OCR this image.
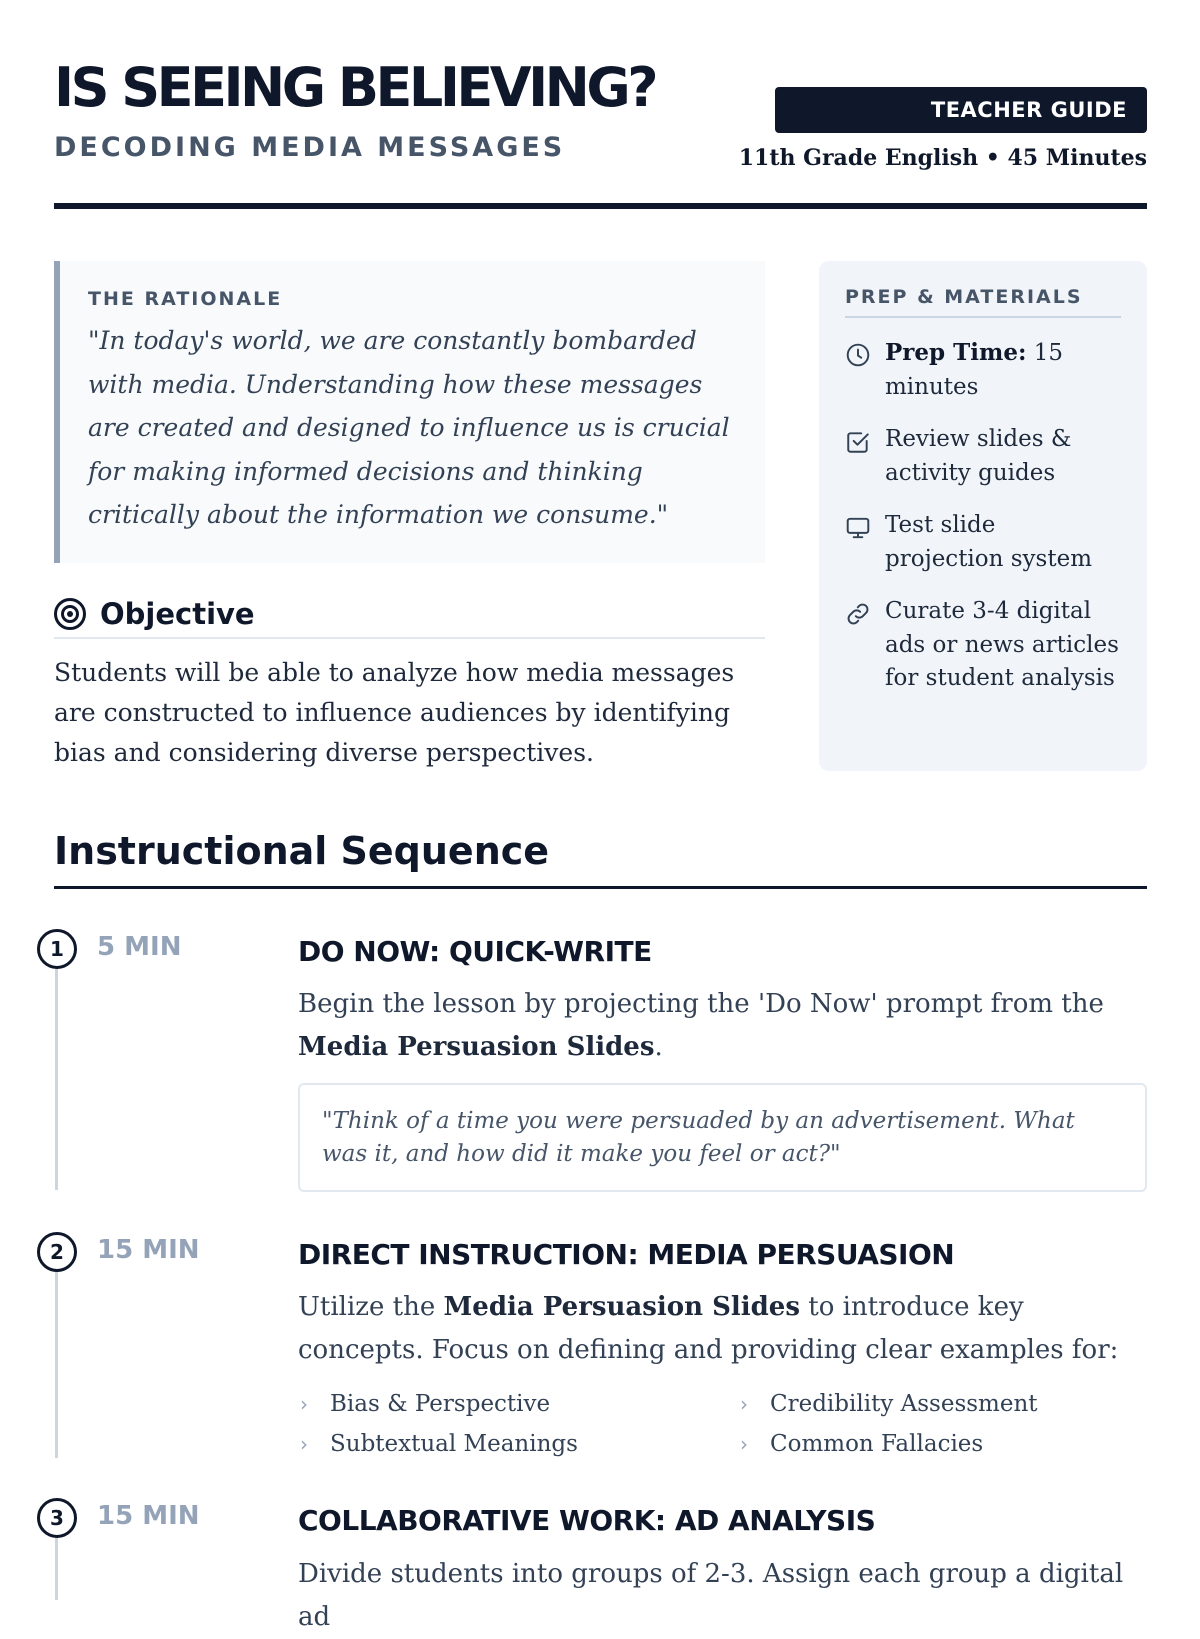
IS SEEING BELIEVING?
DECODING MEDIA MESSAGES
TEACHER GUIDE
11th Grade English • 45 Minutes
THE RATIONALE

"In today's world, we are constantly bombarded with media. Understanding how these messages are created and designed to influence us is crucial for making informed decisions and thinking critically about the information we consume."

Objective

Students will be able to analyze how media messages are constructed to influence audiences by identifying bias and considering diverse perspectives.

PREP & MATERIALS
Prep Time: 15 minutes
Review slides & activity guides
Test slide projection system
Curate 3-4 digital ads or news articles for student analysis
Instructional Sequence
1	5 MIN	DO NOW: QUICK-WRITE

Begin the lesson by projecting the 'Do Now' prompt from the Media Persuasion Slides.

"Think of a time you were persuaded by an advertisement. What was it, and how did it make you feel or act?"
2	15 MIN	DIRECT INSTRUCTION: MEDIA PERSUASION

Utilize the Media Persuasion Slides to introduce key concepts. Focus on defining and providing clear examples for:

› Bias & Perspective	› Credibility Assessment
› Subtextual Meanings	› Common Fallacies
3	15 MIN	COLLABORATIVE WORK: AD ANALYSIS

Divide students into groups of 2-3. Assign each group a digital ad
